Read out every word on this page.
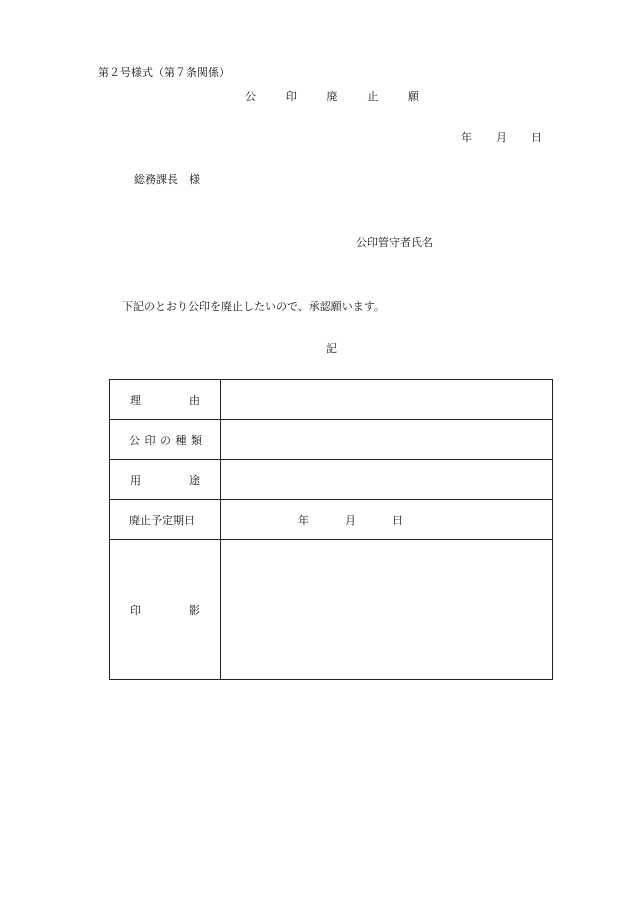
第２号様式（第７条関係）
公	印	廃	止	願
年 月 日
総務課長　様
公印管守者氏名
下記のとおり公印を廃止したいので、承認願います。
記
理 由	

公 印 の 種 類	

用 途	

廃止予定期日	年 月 日

印 影	
